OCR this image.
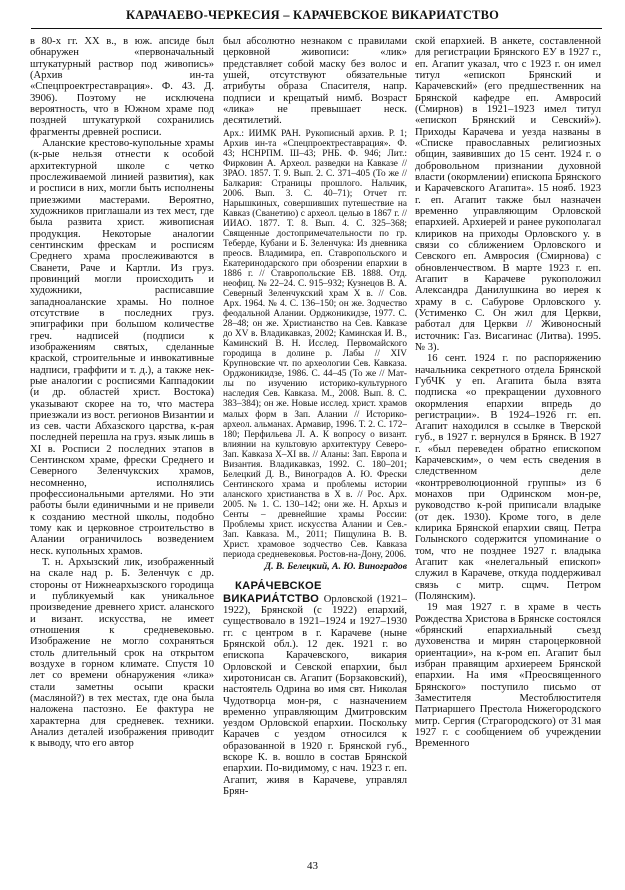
КАРАЧАЕВО-ЧЕРКЕСИЯ – КАРАЧЕВСКОЕ ВИКАРИАТСТВО

в 80-х гг. XX в., в юж. апсиде был обнаружен «первоначальный штукатурный раствор под живопись» (Архив ин-та «Спецпроектреставрация». Ф. 43. Д. 3906). Поэтому не исключена вероятность, что в Южном храме под поздней штукатуркой сохранились фрагменты древней росписи.

Аланские крестово-купольные храмы (к-рые нельзя отнести к особой архитектурной школе с четко прослеживаемой линией развития), как и росписи в них, могли быть исполнены приезжими мастерами. Вероятно, художников приглашали из тех мест, где была развита христ. живописная продукция. Некоторые аналогии сентинским фрескам и росписям Среднего храма прослеживаются в Сванети, Раче и Картли. Из груз. провинций могли происходить и художники, расписавшие западноаланские храмы. Но полное отсутствие в последних груз. эпиграфики при большом количестве греч. надписей (подписи к изображениям святых, сделанные краской, строительные и инвокативные надписи, граффити и т. д.), а также нек-рые аналогии с росписями Каппадокии (и др. областей христ. Востока) указывают скорее на то, что мастера приезжали из вост. регионов Византии и из сев. части Абхазского царства, к-рая последней перешла на груз. язык лишь в XI в. Росписи 2 последних этапов в Сентинском храме, фрески Среднего и Северного Зеленчукских храмов, несомненно, исполнялись профессиональными артелями. Но эти работы были единичными и не привели к созданию местной школы, подобно тому как и церковное строительство в Алании ограничилось возведением неск. купольных храмов.

Т. н. Архызский лик, изображенный на скале над р. Б. Зеленчук с др. стороны от Нижнеархызского городища и публикуемый как уникальное произведение древнего христ. аланского и визант. искусства, не имеет отношения к средневековью. Изображение не могло сохраняться столь длительный срок на открытом воздухе в горном климате. Спустя 10 лет со времени обнаружения «лика» стали заметны осыпи краски (масляной?) в тех местах, где она была наложена пастозно. Ее фактура не характерна для средневек. техники. Анализ деталей изображения приводит к выводу, что его автор

был абсолютно незнаком с правилами церковной живописи: «лик» представляет собой маску без волос и ушей, отсутствуют обязательные атрибуты образа Спасителя, напр. подписи и крещатый нимб. Возраст «лика» не превышает неск. десятилетий.

Арх.: ИИМК РАН. Рукописный архив. Р. 1; Архив ин-та «Спецпроектреставрация». Ф. 43; НСНРПМ. Ш–43; РНБ. Ф. 946; Лит.: Фирковин А. Археол. разведки на Кавказе // ЗРАО. 1857. Т. 9. Вып. 2. С. 371–405 (То же // Балкария: Страницы прошлого. Нальчик, 2006. Вып. 3. С. 40–71); Отчет гг. Нарышкиных, совершивших путешествие на Кавказ (Сванетию) с археол. целью в 1867 г. // ИИАО. 1877. Т. 8. Вып. 4. С. 325–368; Священные достопримечательности по гр. Теберде, Кубани и Б. Зеленчука: Из дневника преосв. Владимира, еп. Ставропольского и Екатеринодарского при обозрении епархии в 1886 г. // Ставропольские ЕВ. 1888. Отд. неофиц. № 22–24. С. 915–932; Кузнецов В. А. Северный Зеленчукский храм X в. // Сов. Арх. 1964. № 4. С. 136–150; он же. Зодчество феодальной Алании. Орджоникидзе, 1977. С. 28–48; он же. Христианство на Сев. Кавказе до XV в. Владикавказ, 2002; Каминская И. В., Каминский В. Н. Исслед. Первомайского городища в долине р. Лабы // XIV Крупновские чт. по археологии Сев. Кавказа. Орджоникидзе, 1986. С. 44–45 (То же // Мат-лы по изучению историко-культурного наследия Сев. Кавказа. М., 2008. Вып. 8. С. 383–384); он же. Новые исслед. христ. храмов малых форм в Зап. Алании // Историко-археол. альманах. Армавир, 1996. Т. 2. С. 172–180; Перфильева Л. А. К вопросу о визант. влиянии на культовую архитектуру Северо-Зап. Кавказа X–XI вв. // Аланы: Зап. Европа и Византия. Владикавказ, 1992. С. 180–201; Белецкий Д. В., Виноградов А. Ю. Фрески Сентинского храма и проблемы истории аланского христианства в X в. // Рос. Арх. 2005. № 1. С. 130–142; они же. Н. Архыз и Сенты – древнейшие храмы России: Проблемы христ. искусства Алании и Сев.-Зап. Кавказа. М., 2011; Пищулина В. В. Христ. храмовое зодчество Сев. Кавказа периода средневековья. Ростов-на-Дону, 2006.

Д. В. Белецкий, А. Ю. Виноградов

КАРА́ЧЕВСКОЕ ВИКАРИА́ТСТВО Орловской (1921–1922), Брянской (с 1922) епархий, существовало в 1921–1924 и 1927–1930 гг. с центром в г. Карачеве (ныне Брянской обл.). 12 дек. 1921 г. во епископа Карачевского, викария Орловской и Севской епархии, был хиротонисан св. Агапит (Борзаковский), настоятель Одрина во имя свт. Николая Чудотворца мон-ря, с назначением временно управляющим Дмитровским уездом Орловской епархии. Поскольку Карачев с уездом относился к образованной в 1920 г. Брянской губ., вскоре К. в. вошло в состав Брянской епархии. По-видимому, с нач. 1923 г. еп. Агапит, живя в Карачеве, управлял Брян-

ской епархией. В анкете, составленной для регистрации Брянского ЕУ в 1927 г., еп. Агапит указал, что с 1923 г. он имел титул «епископ Брянский и Карачевский» (его предшественник на Брянской кафедре еп. Амвросий (Смирнов) в 1921–1923 имел титул «епископ Брянский и Севский»). Приходы Карачева и уезда названы в «Списке православных религиозных общин, заявивших до 15 сент. 1924 г. о добровольном признании духовной власти (окормлении) епископа Брянского и Карачевского Агапита». 15 нояб. 1923 г. еп. Агапит также был назначен временно управляющим Орловской епархией. Архиерей и ранее рукополагал клириков на приходы Орловского у. в связи со сближением Орловского и Севского еп. Амвросия (Смирнова) с обновленчеством. В марте 1923 г. еп. Агапит в Карачеве рукоположил Александра Данилушкина во иерея к храму в с. Сабурове Орловского у. (Устименко С. Он жил для Церкви, работал для Церкви // Живоносный источник: Газ. Висагинас (Литва). 1995. № 3).

16 сент. 1924 г. по распоряжению начальника секретного отдела Брянской ГубЧК у еп. Агапита была взята подписка «о прекращении духовного окормления епархии впредь до регистрации». В 1924–1926 гг. еп. Агапит находился в ссылке в Тверской губ., в 1927 г. вернулся в Брянск. В 1927 г. «был переведен обратно епископом Карачевским», о чем есть сведения в следственном деле «контрреволюционной группы» из 6 монахов при Одринском мон-ре, руководство к-рой приписали владыке (от дек. 1930). Кроме того, в деле клирика Брянской епархии свящ. Петра Голынского содержится упоминание о том, что не позднее 1927 г. владыка Агапит как «нелегальный епископ» служил в Карачеве, откуда поддерживал связь с митр. сщмч. Петром (Полянским).

19 мая 1927 г. в храме в честь Рождества Христова в Брянске состоялся «брянский епархиальный съезд духовенства и мирян староцерковной ориентации», на к-ром еп. Агапит был избран правящим архиереем Брянской епархии. На имя «Преосвященного Брянского» поступило письмо от Заместителя Местоблюстителя Патриаршего Престола Нижегородского митр. Сергия (Страгородского) от 31 мая 1927 г. с сообщением об учреждении Временного

43
